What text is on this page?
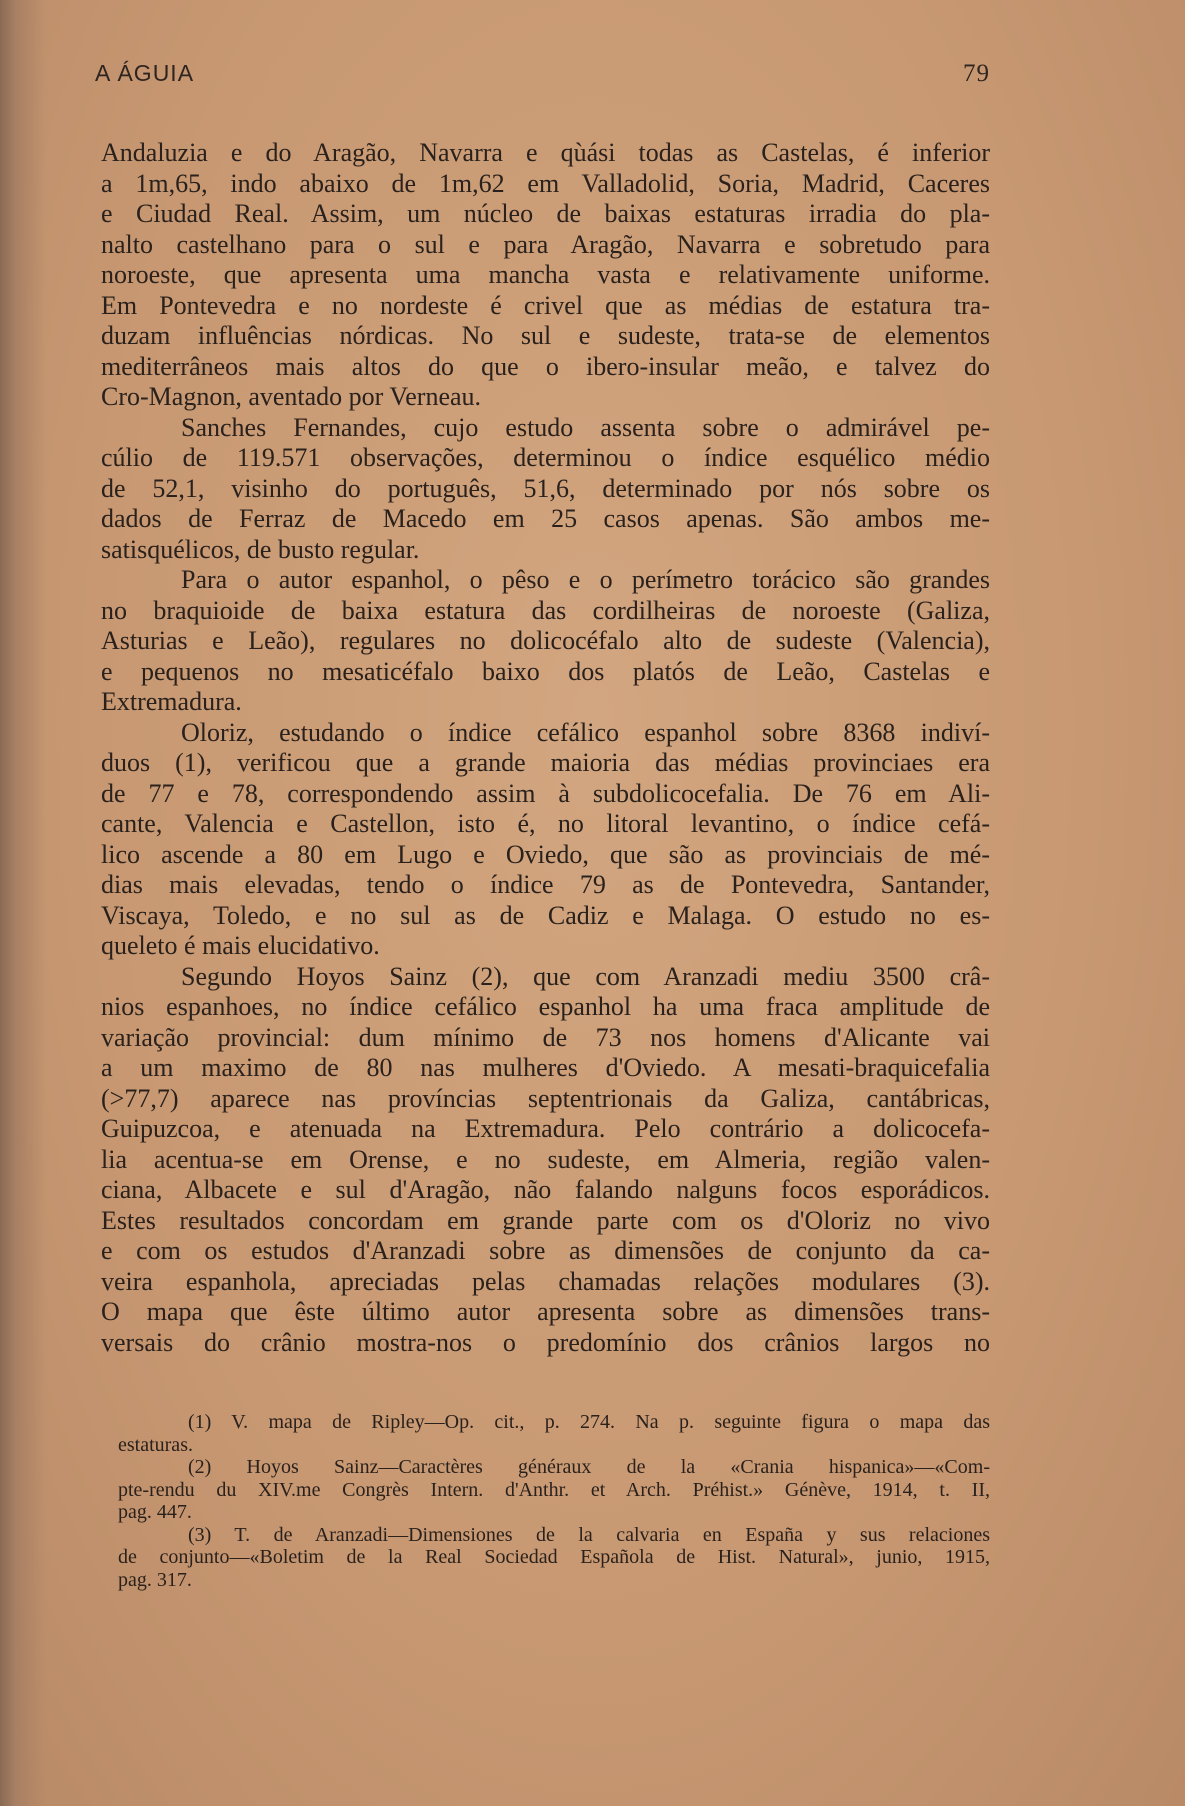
A ÁGUIA	79
Andaluzia e do Aragão, Navarra e qùási todas as Castelas, é inferior
a 1m,65, indo abaixo de 1m,62 em Valladolid, Soria, Madrid, Caceres
e Ciudad Real. Assim, um núcleo de baixas estaturas irradia do pla-
nalto castelhano para o sul e para Aragão, Navarra e sobretudo para
noroeste, que apresenta uma mancha vasta e relativamente uniforme.
Em Pontevedra e no nordeste é crivel que as médias de estatura tra-
duzam influências nórdicas. No sul e sudeste, trata-se de elementos
mediterrâneos mais altos do que o ibero-insular meão, e talvez do
Cro-Magnon, aventado por Verneau.
Sanches Fernandes, cujo estudo assenta sobre o admirável pe-
cúlio de 119.571 observações, determinou o índice esquélico médio
de 52,1, visinho do português, 51,6, determinado por nós sobre os
dados de Ferraz de Macedo em 25 casos apenas. São ambos me-
satisquélicos, de busto regular.
Para o autor espanhol, o pêso e o perímetro torácico são grandes
no braquioide de baixa estatura das cordilheiras de noroeste (Galiza,
Asturias e Leão), regulares no dolicocéfalo alto de sudeste (Valencia),
e pequenos no mesaticéfalo baixo dos platós de Leão, Castelas e
Extremadura.
Oloriz, estudando o índice cefálico espanhol sobre 8368 indiví-
duos (1), verificou que a grande maioria das médias provinciaes era
de 77 e 78, correspondendo assim à subdolicocefalia. De 76 em Ali-
cante, Valencia e Castellon, isto é, no litoral levantino, o índice cefá-
lico ascende a 80 em Lugo e Oviedo, que são as provinciais de mé-
dias mais elevadas, tendo o índice 79 as de Pontevedra, Santander,
Viscaya, Toledo, e no sul as de Cadiz e Malaga. O estudo no es-
queleto é mais elucidativo.
Segundo Hoyos Sainz (2), que com Aranzadi mediu 3500 crâ-
nios espanhoes, no índice cefálico espanhol ha uma fraca amplitude de
variação provincial: dum mínimo de 73 nos homens d'Alicante vai
a um maximo de 80 nas mulheres d'Oviedo. A mesati-braquicefalia
(>77,7) aparece nas províncias septentrionais da Galiza, cantábricas,
Guipuzcoa, e atenuada na Extremadura. Pelo contrário a dolicocefa-
lia acentua-se em Orense, e no sudeste, em Almeria, região valen-
ciana, Albacete e sul d'Aragão, não falando nalguns focos esporádicos.
Estes resultados concordam em grande parte com os d'Oloriz no vivo
e com os estudos d'Aranzadi sobre as dimensões de conjunto da ca-
veira espanhola, apreciadas pelas chamadas relações modulares (3).
O mapa que êste último autor apresenta sobre as dimensões trans-
versais do crânio mostra-nos o predomínio dos crânios largos no
(1) V. mapa de Ripley—Op. cit., p. 274. Na p. seguinte figura o mapa das
estaturas.
(2) Hoyos Sainz—Caractères généraux de la «Crania hispanica»—«Com-
pte-rendu du XIV.me Congrès Intern. d'Anthr. et Arch. Préhist.» Génève, 1914, t. II,
pag. 447.
(3) T. de Aranzadi—Dimensiones de la calvaria en España y sus relaciones
de conjunto—«Boletim de la Real Sociedad Española de Hist. Natural», junio, 1915,
pag. 317.
